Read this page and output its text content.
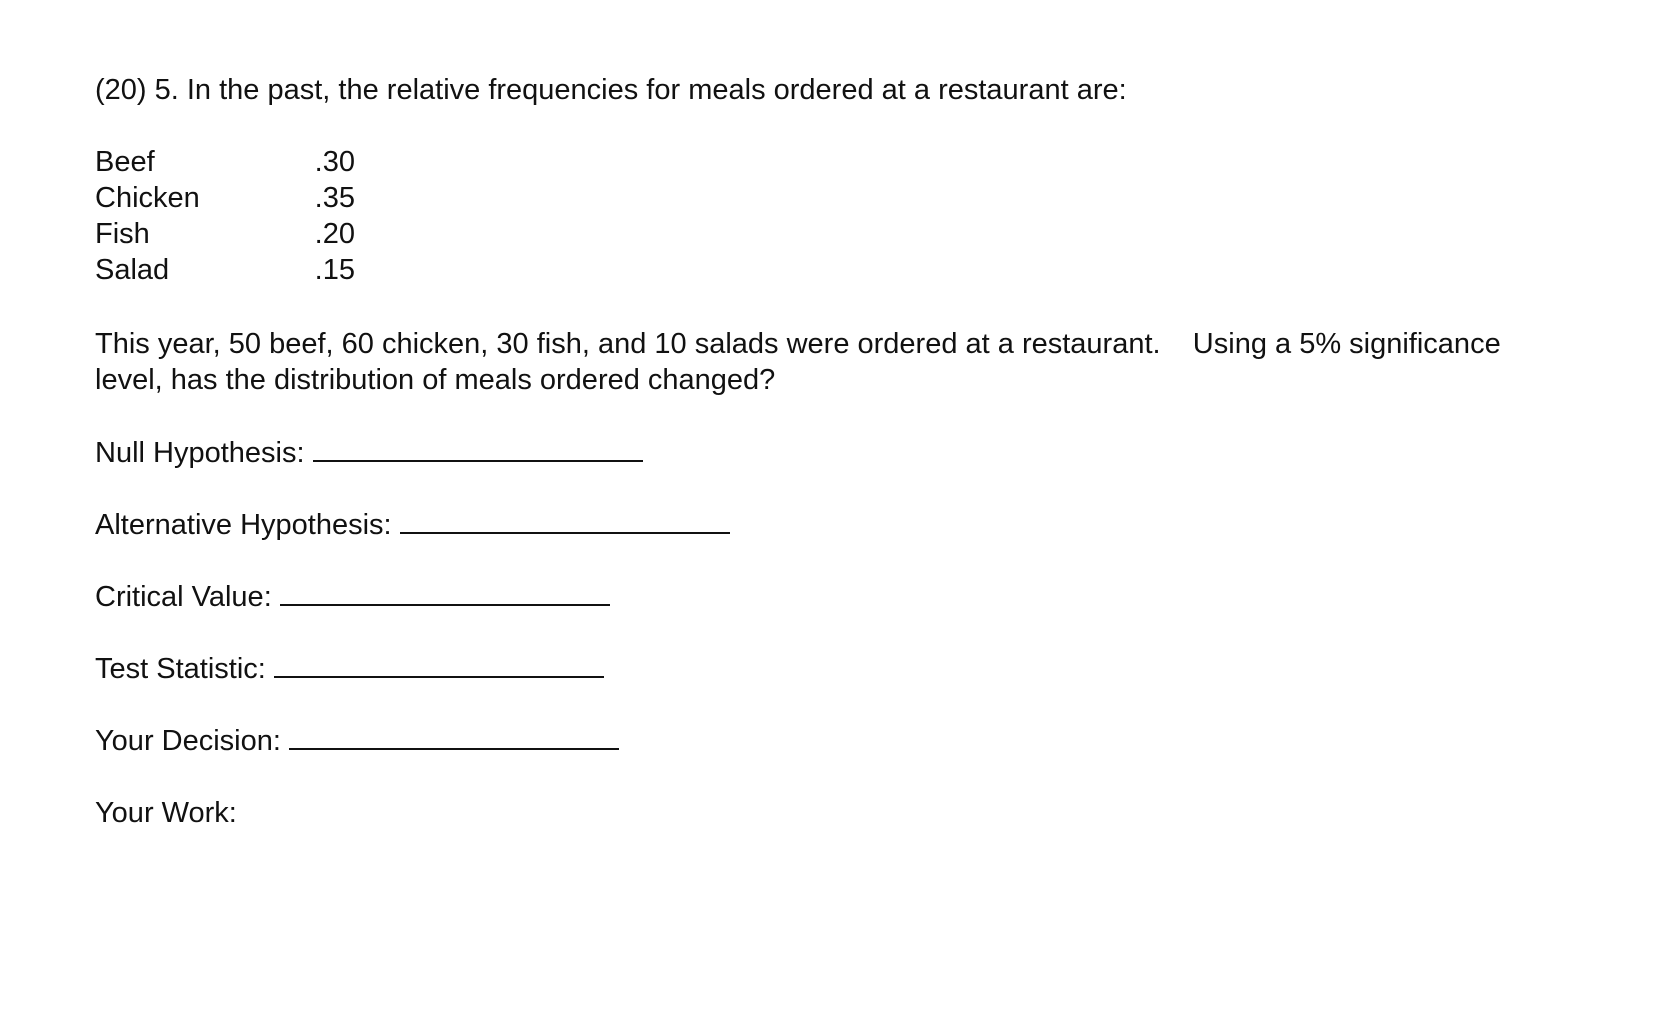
(20) 5. In the past, the relative frequencies for meals ordered at a restaurant are:
Beef	.30
Chicken	.35
Fish	.20
Salad	.15
This year, 50 beef, 60 chicken, 30 fish, and 10 salads were ordered at a restaurant.    Using a 5% significance
level, has the distribution of meals ordered changed?
Null Hypothesis:
Alternative Hypothesis:
Critical Value:
Test Statistic:
Your Decision:
Your Work:
